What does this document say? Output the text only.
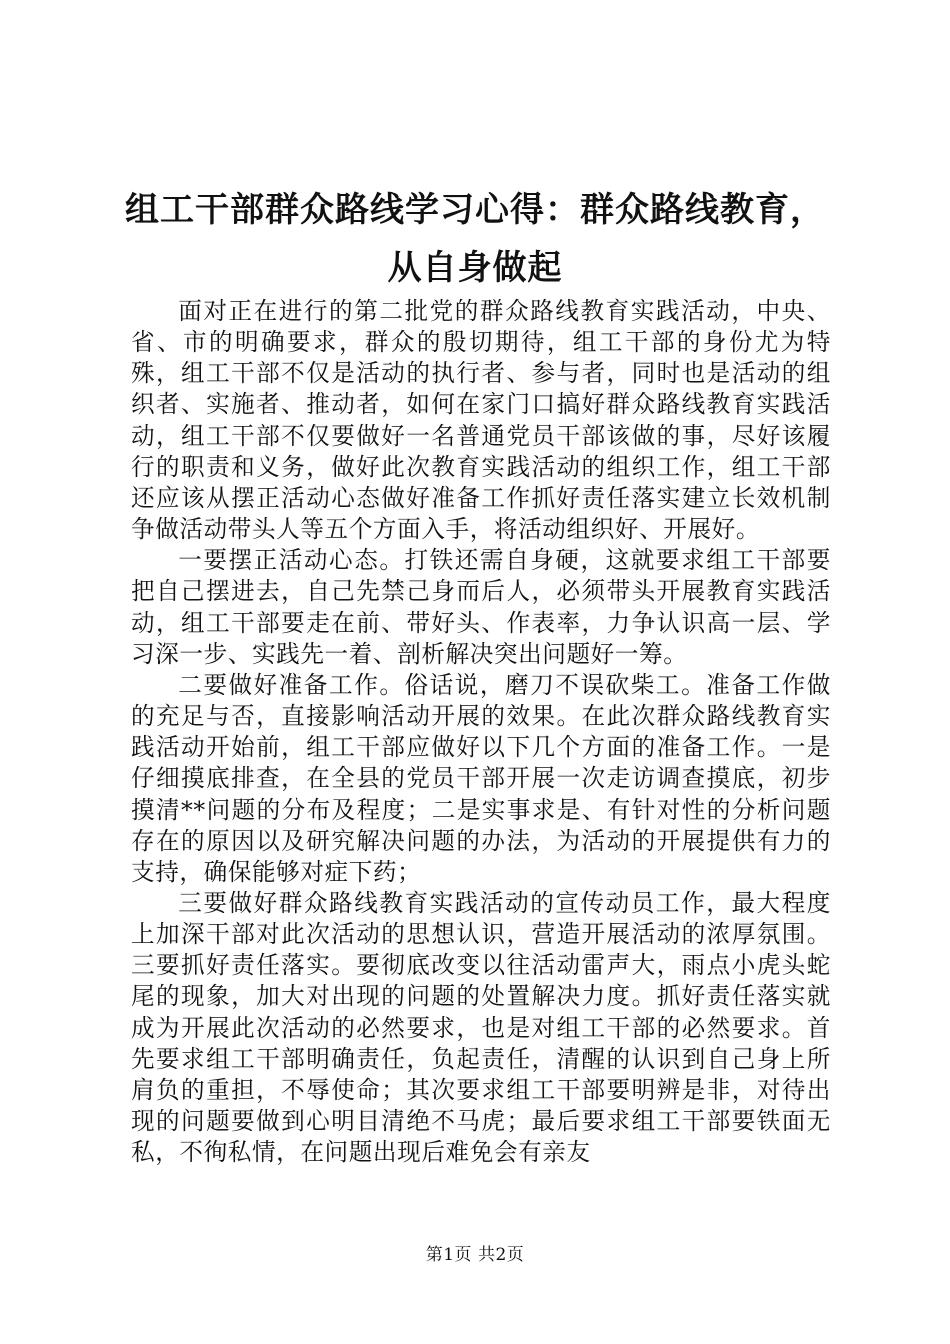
组工干部群众路线学习心得：群众路线教育，
从自身做起

面对正在进行的第二批党的群众路线教育实践活动，中央、省、市的明确要求，群众的殷切期待，组工干部的身份尤为特殊，组工干部不仅是活动的执行者、参与者，同时也是活动的组织者、实施者、推动者，如何在家门口搞好群众路线教育实践活动，组工干部不仅要做好一名普通党员干部该做的事，尽好该履行的职责和义务，做好此次教育实践活动的组织工作，组工干部还应该从摆正活动心态做好准备工作抓好责任落实建立长效机制争做活动带头人等五个方面入手，将活动组织好、开展好。

一要摆正活动心态。打铁还需自身硬，这就要求组工干部要把自己摆进去，自己先禁己身而后人，必须带头开展教育实践活动，组工干部要走在前、带好头、作表率，力争认识高一层、学习深一步、实践先一着、剖析解决突出问题好一筹。

二要做好准备工作。俗话说，磨刀不误砍柴工。准备工作做的充足与否，直接影响活动开展的效果。在此次群众路线教育实践活动开始前，组工干部应做好以下几个方面的准备工作。一是仔细摸底排查，在全县的党员干部开展一次走访调查摸底，初步摸清**问题的分布及程度；二是实事求是、有针对性的分析问题存在的原因以及研究解决问题的办法，为活动的开展提供有力的支持，确保能够对症下药；

三要做好群众路线教育实践活动的宣传动员工作，最大程度上加深干部对此次活动的思想认识，营造开展活动的浓厚氛围。三要抓好责任落实。要彻底改变以往活动雷声大，雨点小虎头蛇尾的现象，加大对出现的问题的处置解决力度。抓好责任落实就成为开展此次活动的必然要求，也是对组工干部的必然要求。首先要求组工干部明确责任，负起责任，清醒的认识到自己身上所肩负的重担，不辱使命；其次要求组工干部要明辨是非，对待出现的问题要做到心明目清绝不马虎；最后要求组工干部要铁面无私，不徇私情，在问题出现后难免会有亲友

第1页 共2页
